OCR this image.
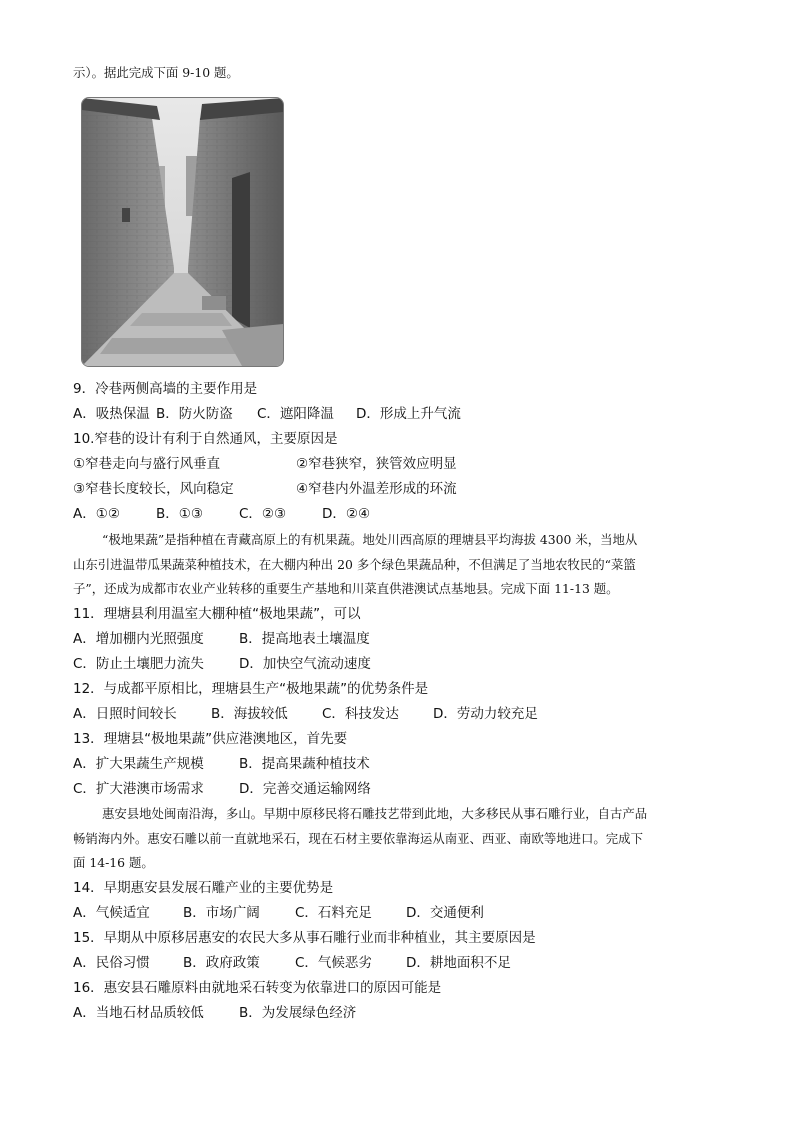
示）。据此完成下面 9-10 题。
9．冷巷两侧高墙的主要作用是
A．吸热保温 B．防火防盗 C．遮阳降温 D．形成上升气流
10.窄巷的设计有利于自然通风，主要原因是
①窄巷走向与盛行风垂直	②窄巷狭窄，狭管效应明显
③窄巷长度较长，风向稳定	④窄巷内外温差形成的环流
A．①②	B．①③	C．②③	D．②④
“极地果蔬”是指种植在青藏高原上的有机果蔬。地处川西高原的理塘县平均海拔 4300 米，当地从
山东引进温带瓜果蔬菜种植技术，在大棚内种出 20 多个绿色果蔬品种，不但满足了当地农牧民的“菜篮
子”，还成为成都市农业产业转移的重要生产基地和川菜直供港澳试点基地县。完成下面 11-13 题。
11．理塘县利用温室大棚种植“极地果蔬”，可以
A．增加棚内光照强度	B．提高地表土壤温度
C．防止土壤肥力流失	D．加快空气流动速度
12．与成都平原相比，理塘县生产“极地果蔬”的优势条件是
A．日照时间较长	B．海拔较低	C．科技发达	D．劳动力较充足
13．理塘县“极地果蔬”供应港澳地区，首先要
A．扩大果蔬生产规模	B．提高果蔬种植技术
C．扩大港澳市场需求	D．完善交通运输网络
惠安县地处闽南沿海，多山。早期中原移民将石雕技艺带到此地，大多移民从事石雕行业，自古产品
畅销海内外。惠安石雕以前一直就地采石，现在石材主要依靠海运从南亚、西亚、南欧等地进口。完成下
面 14-16 题。
14．早期惠安县发展石雕产业的主要优势是
A．气候适宜 B．市场广阔	C．石料充足	D．交通便利
15．早期从中原移居惠安的农民大多从事石雕行业而非种植业，其主要原因是
A．民俗习惯 B．政府政策	C．气候恶劣	D．耕地面积不足
16．惠安县石雕原料由就地采石转变为依靠进口的原因可能是
A．当地石材品质较低	B．为发展绿色经济
